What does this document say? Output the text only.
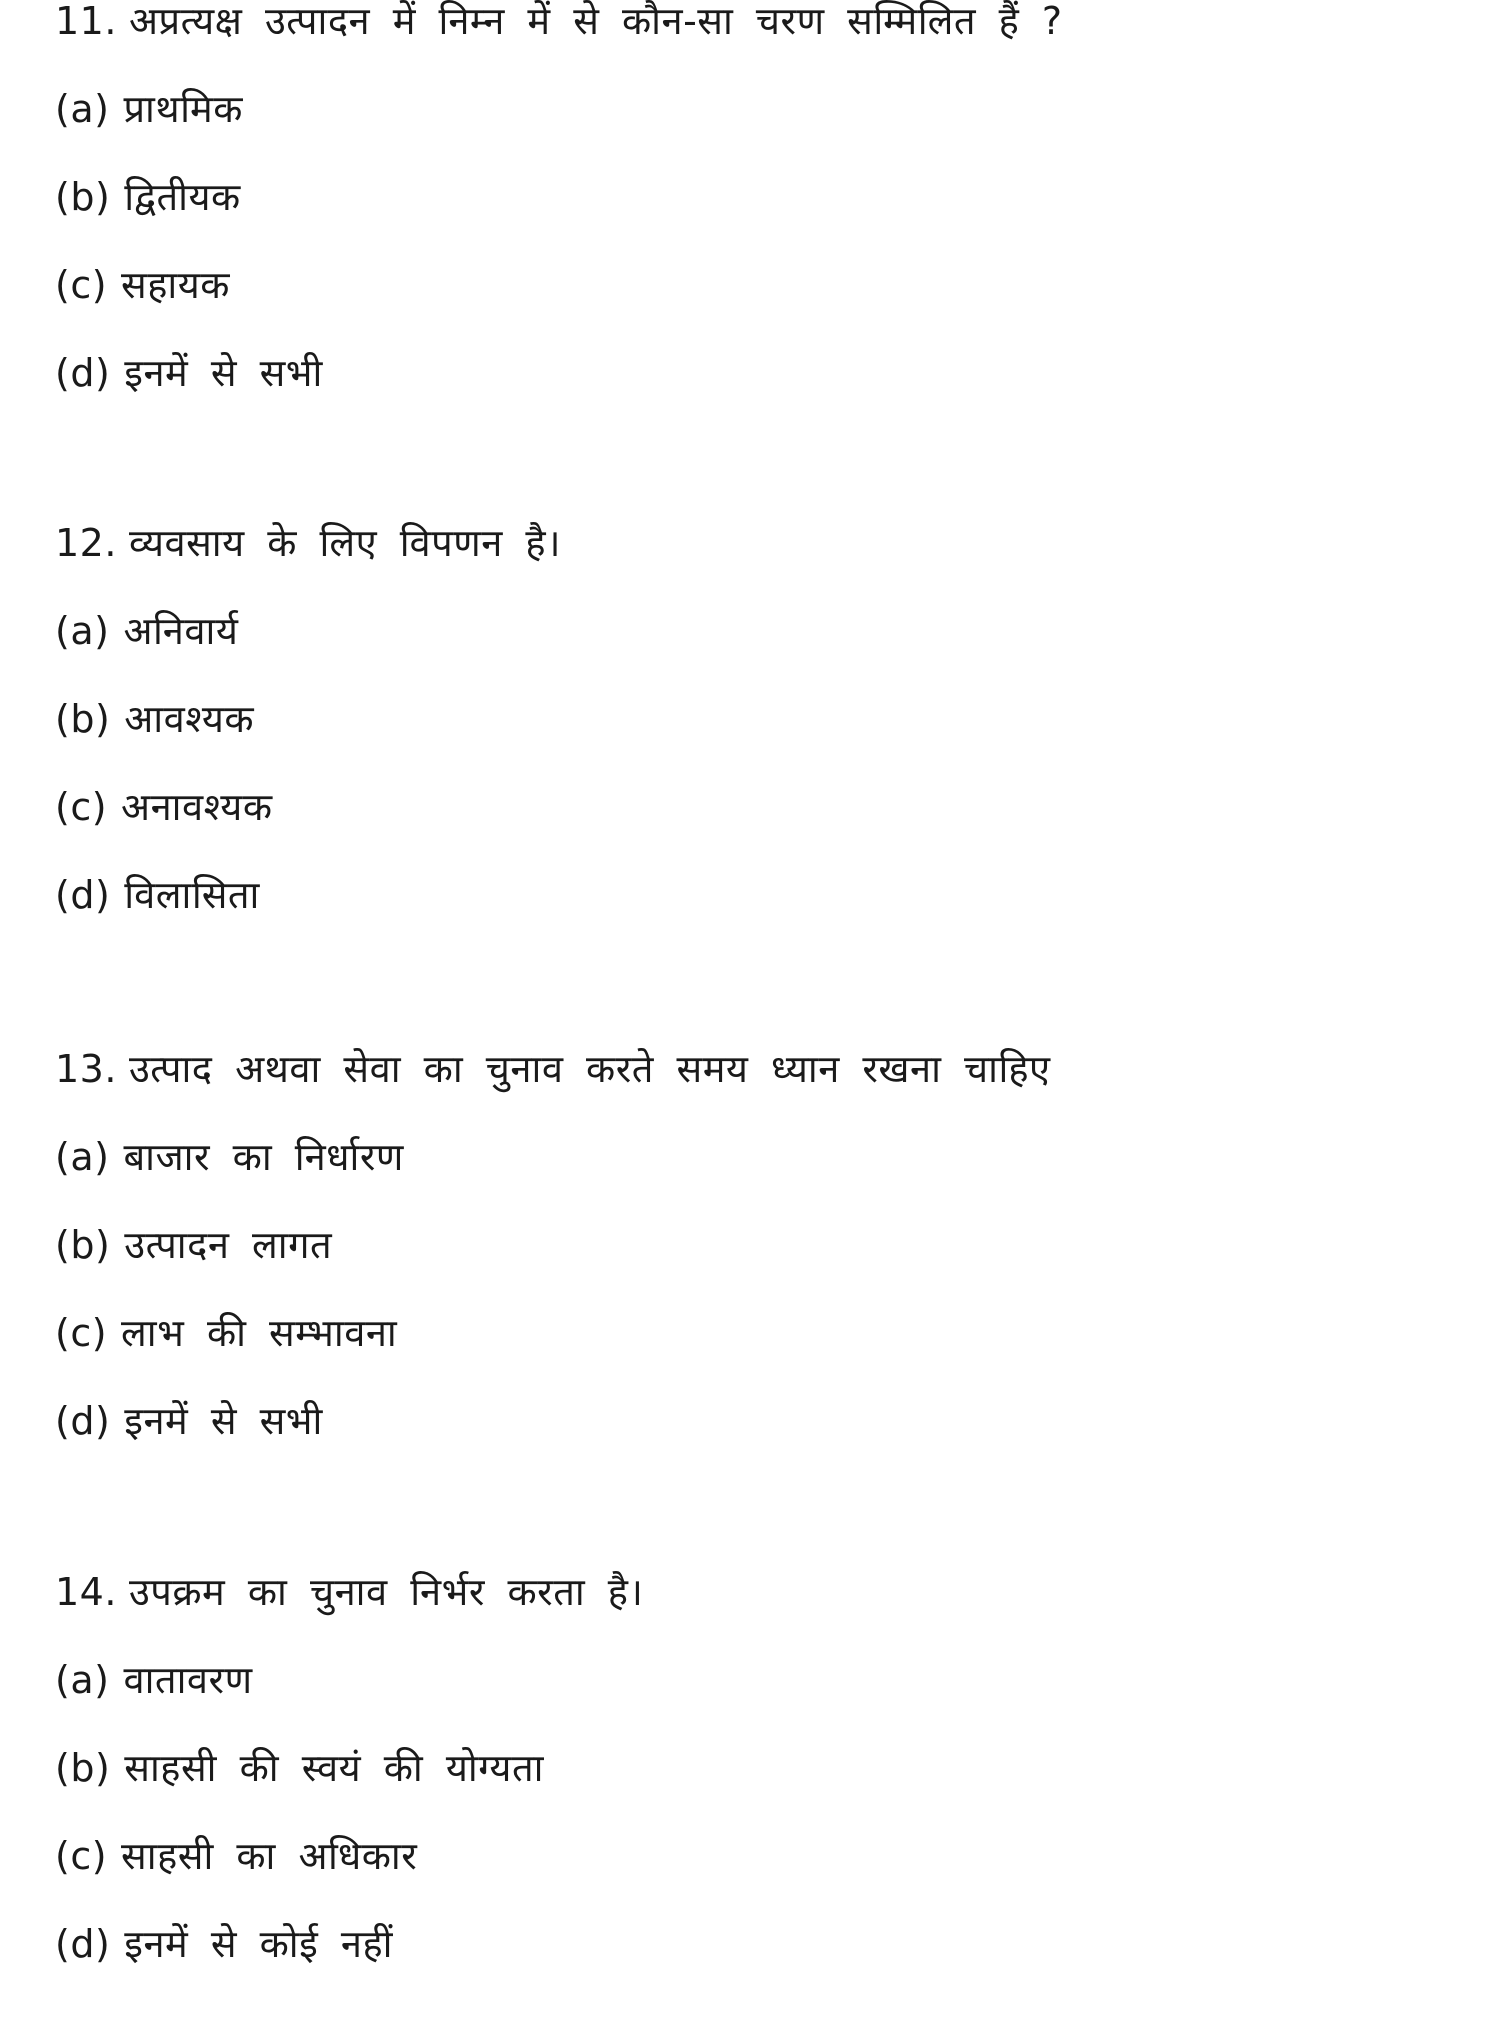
11. अप्रत्यक्ष उत्पादन में निम्न में से कौन-सा चरण सम्मिलित हैं ?

(a) प्राथमिक

(b) द्वितीयक

(c) सहायक

(d) इनमें से सभी

12. व्यवसाय के लिए विपणन है।

(a) अनिवार्य

(b) आवश्यक

(c) अनावश्यक

(d) विलासिता

13. उत्पाद अथवा सेवा का चुनाव करते समय ध्यान रखना चाहिए

(a) बाजार का निर्धारण

(b) उत्पादन लागत

(c) लाभ की सम्भावना

(d) इनमें से सभी

14. उपक्रम का चुनाव निर्भर करता है।

(a) वातावरण

(b) साहसी की स्वयं की योग्यता

(c) साहसी का अधिकार

(d) इनमें से कोई नहीं
